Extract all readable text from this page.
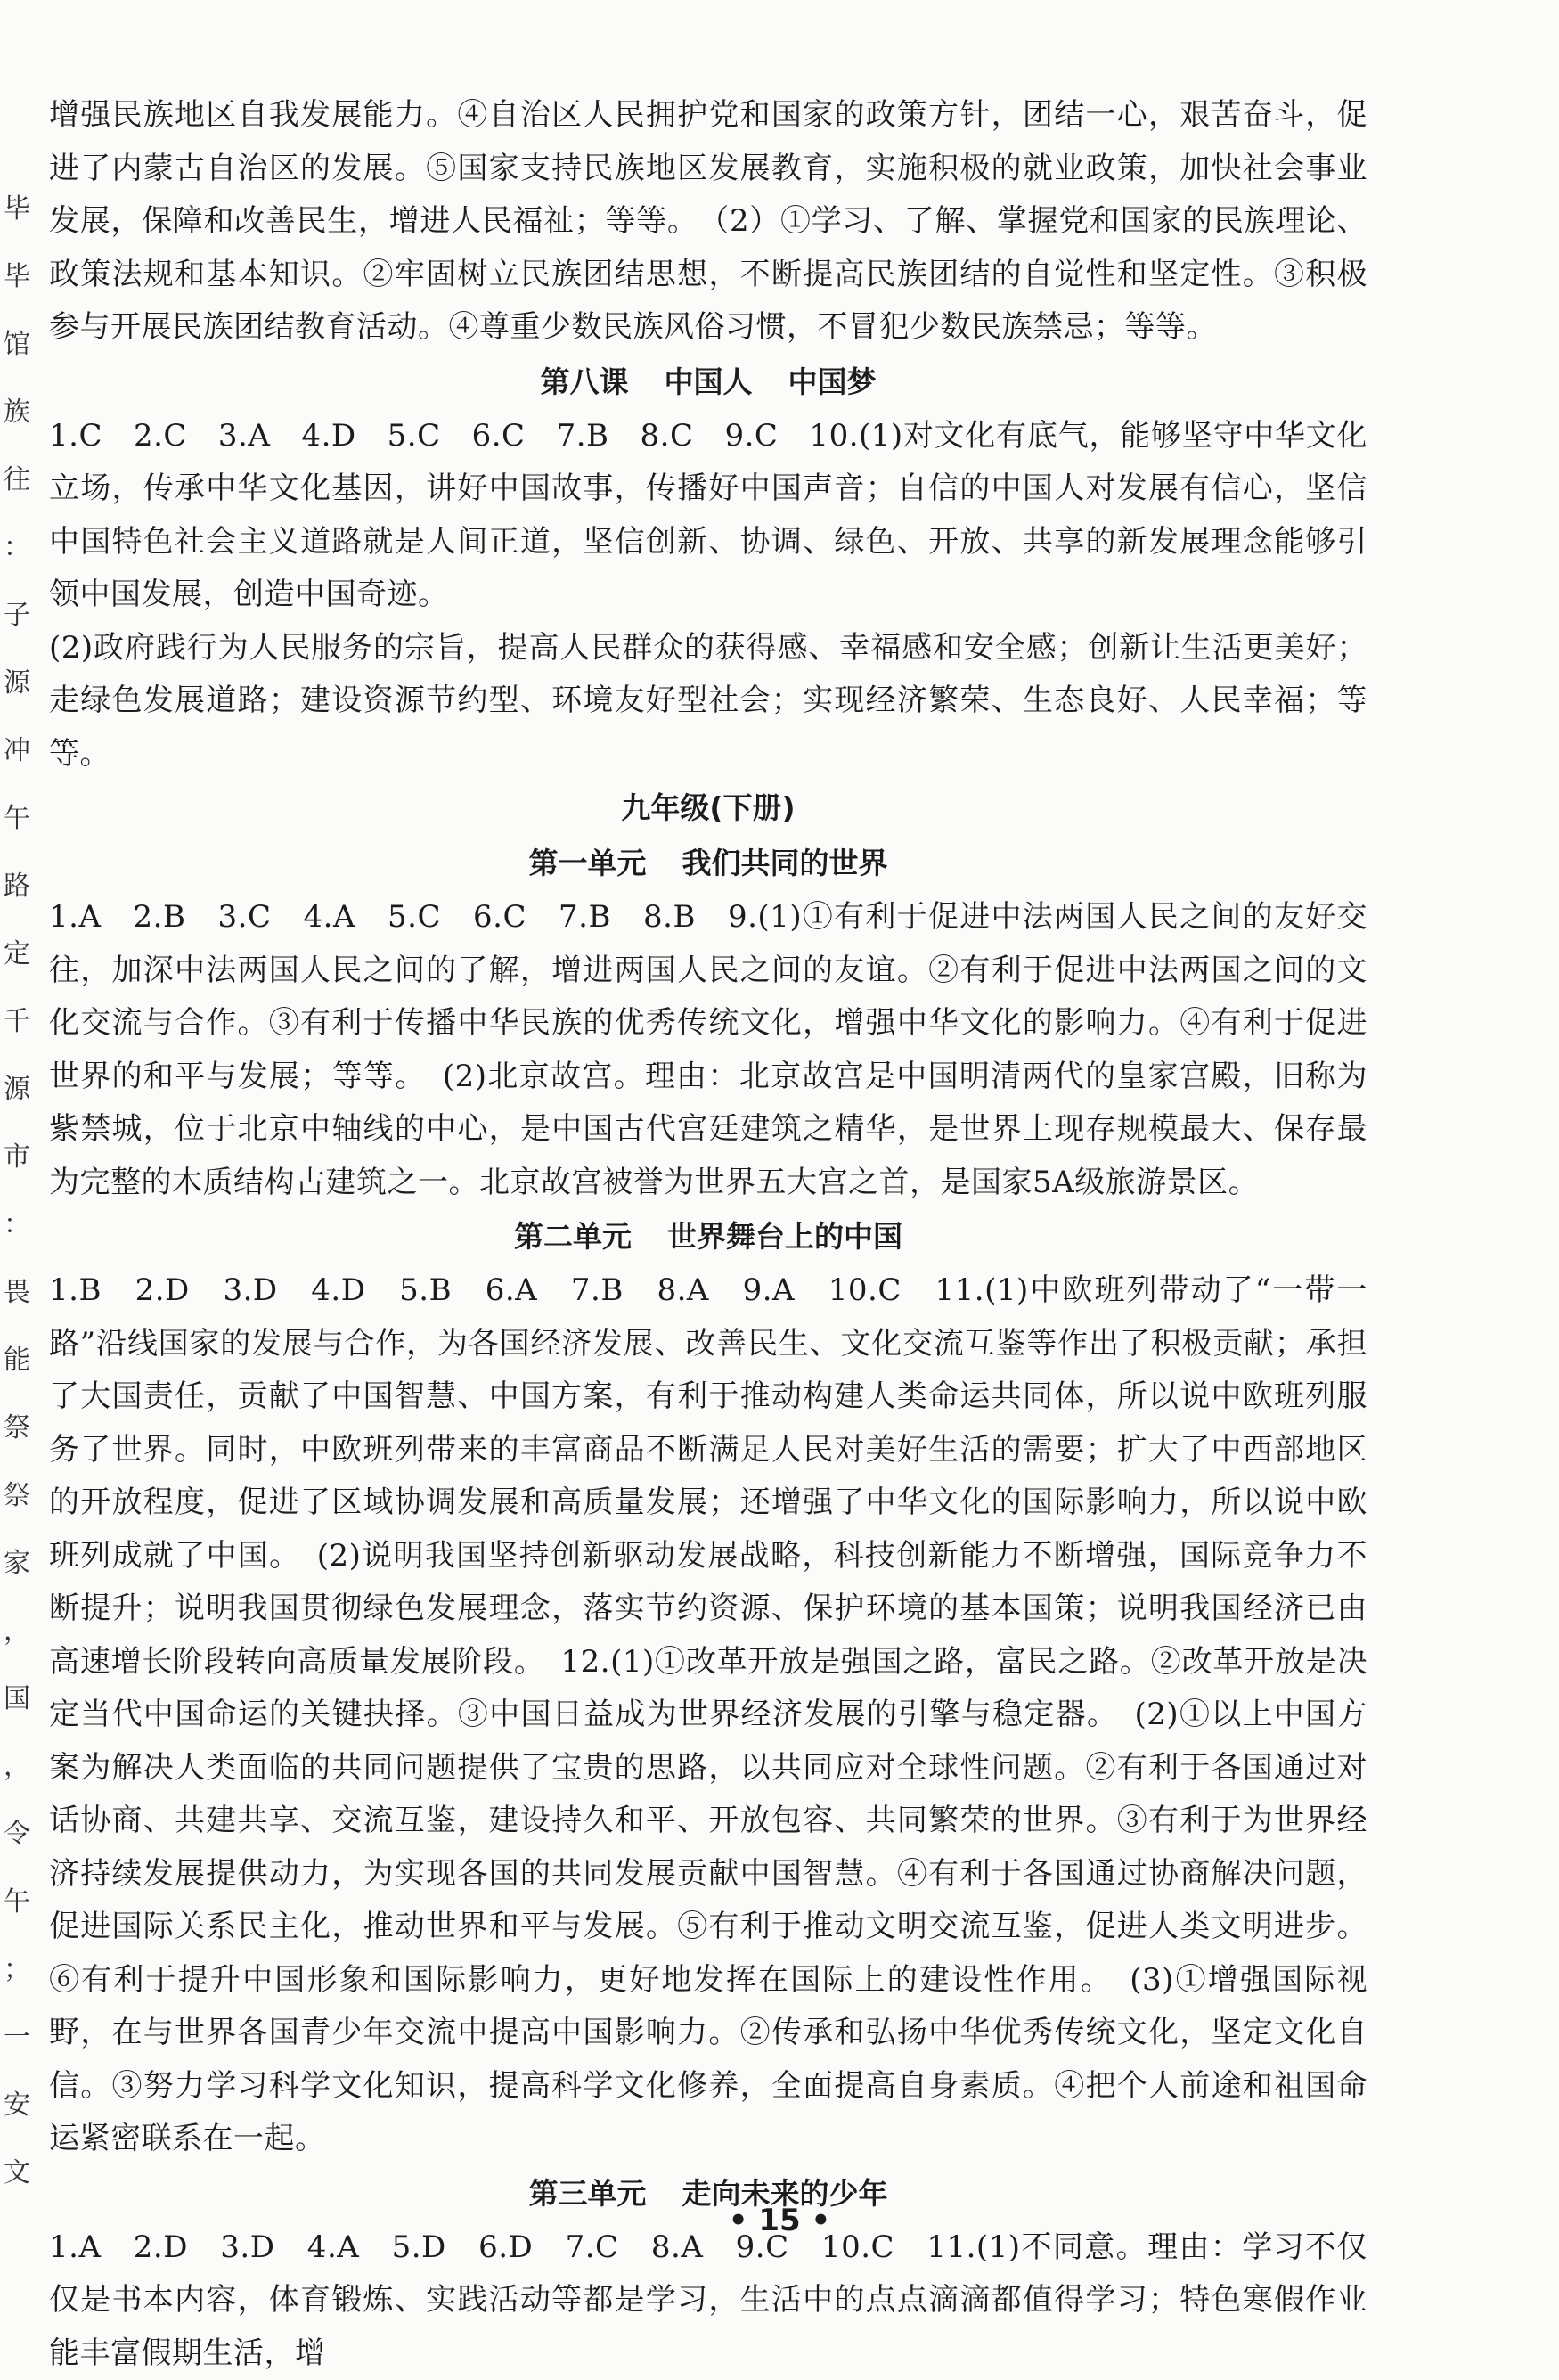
毕
毕
馆
族
往
：
子
源
冲
午
路
定
千
源
市
：
畏
能
祭
祭
家
，
国
，
令
午
；
一
安
文

增强民族地区自我发展能力。④自治区人民拥护党和国家的政策方针，团结一心，艰苦奋斗，促进了内蒙古自治区的发展。⑤国家支持民族地区发展教育，实施积极的就业政策，加快社会事业发展，保障和改善民生，增进人民福祉；等等。　（2）①学习、了解、掌握党和国家的民族理论、政策法规和基本知识。②牢固树立民族团结思想，不断提高民族团结的自觉性和坚定性。③积极参与开展民族团结教育活动。④尊重少数民族风俗习惯，不冒犯少数民族禁忌；等等。

第八课 中国人 中国梦

1.C　2.C　3.A　4.D　5.C　6.C　7.B　8.C　9.C　10.(1)对文化有底气，能够坚守中华文化立场，传承中华文化基因，讲好中国故事，传播好中国声音；自信的中国人对发展有信心，坚信中国特色社会主义道路就是人间正道，坚信创新、协调、绿色、开放、共享的新发展理念能够引领中国发展，创造中国奇迹。

(2)政府践行为人民服务的宗旨，提高人民群众的获得感、幸福感和安全感；创新让生活更美好；走绿色发展道路；建设资源节约型、环境友好型社会；实现经济繁荣、生态良好、人民幸福；等等。

九年级(下册)
第一单元 我们共同的世界

1.A　2.B　3.C　4.A　5.C　6.C　7.B　8.B　9.(1)①有利于促进中法两国人民之间的友好交往，加深中法两国人民之间的了解，增进两国人民之间的友谊。②有利于促进中法两国之间的文化交流与合作。③有利于传播中华民族的优秀传统文化，增强中华文化的影响力。④有利于促进世界的和平与发展；等等。　(2)北京故宫。理由：北京故宫是中国明清两代的皇家宫殿，旧称为紫禁城，位于北京中轴线的中心，是中国古代宫廷建筑之精华，是世界上现存规模最大、保存最为完整的木质结构古建筑之一。北京故宫被誉为世界五大宫之首，是国家5A级旅游景区。

第二单元 世界舞台上的中国

1.B　2.D　3.D　4.D　5.B　6.A　7.B　8.A　9.A　10.C　11.(1)中欧班列带动了“一带一路”沿线国家的发展与合作，为各国经济发展、改善民生、文化交流互鉴等作出了积极贡献；承担了大国责任，贡献了中国智慧、中国方案，有利于推动构建人类命运共同体，所以说中欧班列服务了世界。同时，中欧班列带来的丰富商品不断满足人民对美好生活的需要；扩大了中西部地区的开放程度，促进了区域协调发展和高质量发展；还增强了中华文化的国际影响力，所以说中欧班列成就了中国。　(2)说明我国坚持创新驱动发展战略，科技创新能力不断增强，国际竞争力不断提升；说明我国贯彻绿色发展理念，落实节约资源、保护环境的基本国策；说明我国经济已由高速增长阶段转向高质量发展阶段。　12.(1)①改革开放是强国之路，富民之路。②改革开放是决定当代中国命运的关键抉择。③中国日益成为世界经济发展的引擎与稳定器。　(2)①以上中国方案为解决人类面临的共同问题提供了宝贵的思路，以共同应对全球性问题。②有利于各国通过对话协商、共建共享、交流互鉴，建设持久和平、开放包容、共同繁荣的世界。③有利于为世界经济持续发展提供动力，为实现各国的共同发展贡献中国智慧。④有利于各国通过协商解决问题，促进国际关系民主化，推动世界和平与发展。⑤有利于推动文明交流互鉴，促进人类文明进步。⑥有利于提升中国形象和国际影响力，更好地发挥在国际上的建设性作用。　(3)①增强国际视野，在与世界各国青少年交流中提高中国影响力。②传承和弘扬中华优秀传统文化，坚定文化自信。③努力学习科学文化知识，提高科学文化修养，全面提高自身素质。④把个人前途和祖国命运紧密联系在一起。

第三单元 走向未来的少年

1.A　2.D　3.D　4.A　5.D　6.D　7.C　8.A　9.C　10.C　11.(1)不同意。理由：学习不仅仅是书本内容，体育锻炼、实践活动等都是学习，生活中的点点滴滴都值得学习；特色寒假作业能丰富假期生活，增

• 15 •
